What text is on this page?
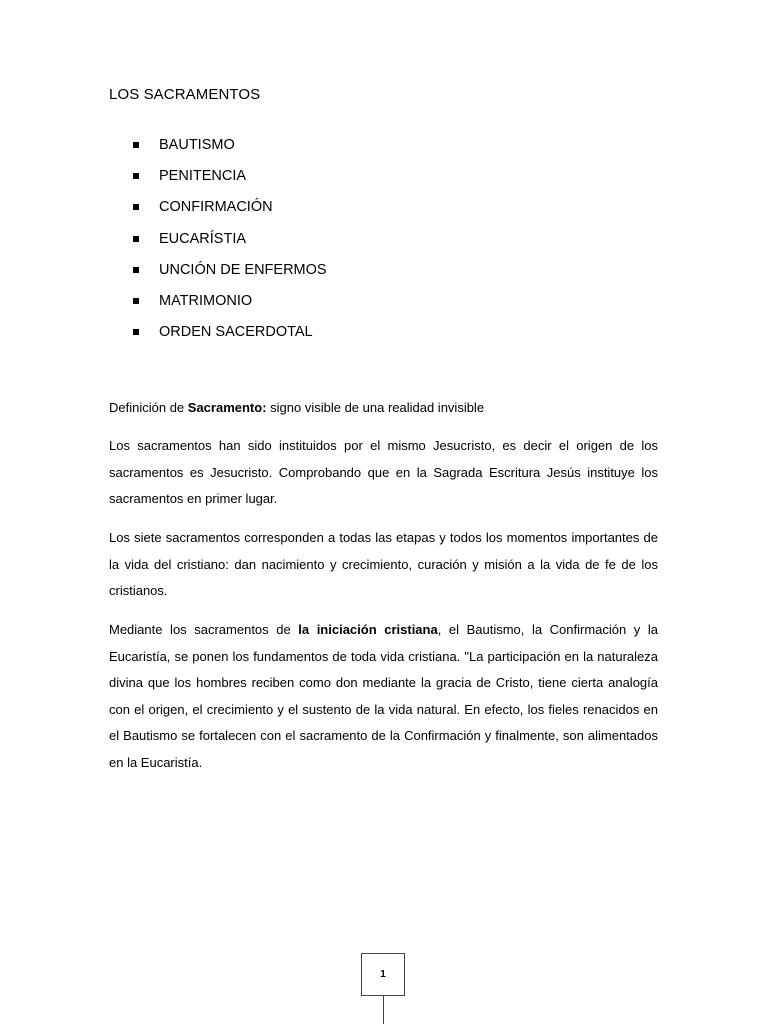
LOS SACRAMENTOS
BAUTISMO
PENITENCIA
CONFIRMACIÓN
EUCARÍSTIA
UNCIÓN DE ENFERMOS
MATRIMONIO
ORDEN SACERDOTAL

Definición de Sacramento: signo visible de una realidad invisible

Los sacramentos han sido instituidos por el mismo Jesucristo, es decir el origen de los sacramentos es Jesucristo. Comprobando que en la Sagrada Escritura Jesús instituye los sacramentos en primer lugar.

Los siete sacramentos corresponden a todas las etapas y todos los momentos importantes de la vida del cristiano: dan nacimiento y crecimiento, curación y misión a la vida de fe de los cristianos.

Mediante los sacramentos de la iniciación cristiana, el Bautismo, la Confirmación y la Eucaristía, se ponen los fundamentos de toda vida cristiana. "La participación en la naturaleza divina que los hombres reciben como don mediante la gracia de Cristo, tiene cierta analogía con el origen, el crecimiento y el sustento de la vida natural. En efecto, los fieles renacidos en el Bautismo se fortalecen con el sacramento de la Confirmación y finalmente, son alimentados en la Eucaristía.

1
